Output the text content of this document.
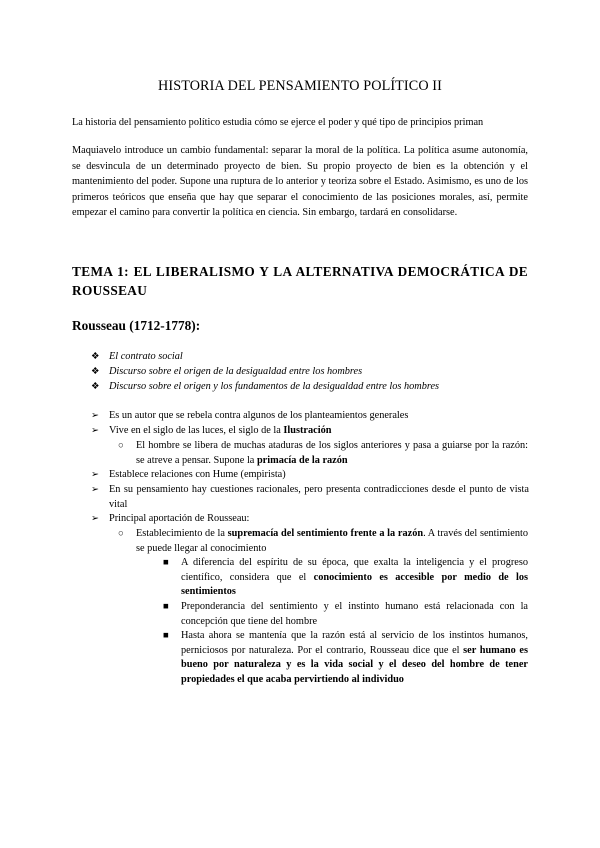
HISTORIA DEL PENSAMIENTO POLÍTICO II
La historia del pensamiento político estudia cómo se ejerce el poder y qué tipo de principios priman
Maquiavelo introduce un cambio fundamental: separar la moral de la política. La política asume autonomía, se desvincula de un determinado proyecto de bien. Su propio proyecto de bien es la obtención y el mantenimiento del poder. Supone una ruptura de lo anterior y teoriza sobre el Estado. Asimismo, es uno de los primeros teóricos que enseña que hay que separar el conocimiento de las posiciones morales, así, permite empezar el camino para convertir la política en ciencia. Sin embargo, tardará en consolidarse.
TEMA 1: EL LIBERALISMO Y LA ALTERNATIVA DEMOCRÁTICA DE ROUSSEAU
Rousseau (1712-1778):
❖ El contrato social
❖ Discurso sobre el origen de la desigualdad entre los hombres
❖ Discurso sobre el origen y los fundamentos de la desigualdad entre los hombres
➢ Es un autor que se rebela contra algunos de los planteamientos generales
➢ Vive en el siglo de las luces, el siglo de la Ilustración
○ El hombre se libera de muchas ataduras de los siglos anteriores y pasa a guiarse por la razón: se atreve a pensar. Supone la primacía de la razón
➢ Establece relaciones con Hume (empirista)
➢ En su pensamiento hay cuestiones racionales, pero presenta contradicciones desde el punto de vista vital
➢ Principal aportación de Rousseau:
○ Establecimiento de la supremacía del sentimiento frente a la razón. A través del sentimiento se puede llegar al conocimiento
■ A diferencia del espíritu de su época, que exalta la inteligencia y el progreso científico, considera que el conocimiento es accesible por medio de los sentimientos
■ Preponderancia del sentimiento y el instinto humano está relacionada con la concepción que tiene del hombre
■ Hasta ahora se mantenía que la razón está al servicio de los instintos humanos, perniciosos por naturaleza. Por el contrario, Rousseau dice que el ser humano es bueno por naturaleza y es la vida social y el deseo del hombre de tener propiedades el que acaba pervirtiendo al individuo
